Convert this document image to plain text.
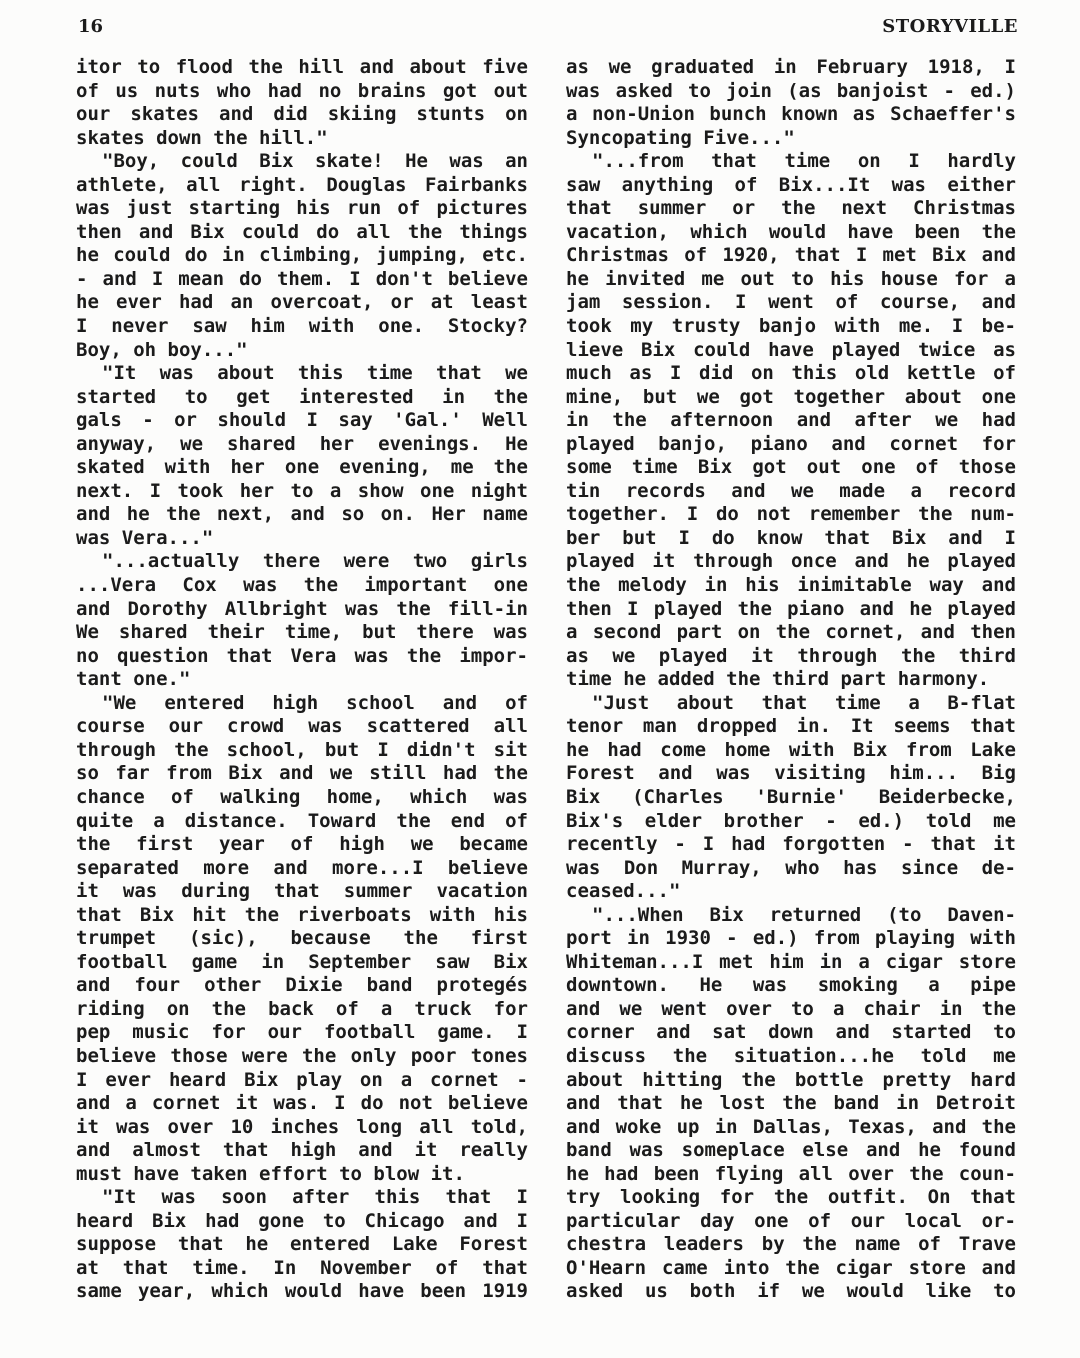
16	STORYVILLE
itor to flood the hill and about five
of us nuts who had no brains got out
our skates and did skiing stunts on
skates down the hill."
"Boy, could Bix skate! He was an
athlete, all right. Douglas Fairbanks
was just starting his run of pictures
then and Bix could do all the things
he could do in climbing, jumping, etc.
- and I mean do them. I don't believe
he ever had an overcoat, or at least
I never saw him with one. Stocky?
Boy, oh boy..."
"It was about this time that we
started to get interested in the
gals - or should I say 'Gal.' Well
anyway, we shared her evenings. He
skated with her one evening, me the
next. I took her to a show one night
and he the next, and so on. Her name
was Vera..."
"...actually there were two girls
...Vera Cox was the important one
and Dorothy Allbright was the fill-in
We shared their time, but there was
no question that Vera was the impor-
tant one."
"We entered high school and of
course our crowd was scattered all
through the school, but I didn't sit
so far from Bix and we still had the
chance of walking home, which was
quite a distance. Toward the end of
the first year of high we became
separated more and more...I believe
it was during that summer vacation
that Bix hit the riverboats with his
trumpet (sic), because the first
football game in September saw Bix
and four other Dixie band protegés
riding on the back of a truck for
pep music for our football game. I
believe those were the only poor tones
I ever heard Bix play on a cornet -
and a cornet it was. I do not believe
it was over 10 inches long all told,
and almost that high and it really
must have taken effort to blow it.
"It was soon after this that I
heard Bix had gone to Chicago and I
suppose that he entered Lake Forest
at that time. In November of that
same year, which would have been 1919
as we graduated in February 1918, I
was asked to join (as banjoist - ed.)
a non-Union bunch known as Schaeffer's
Syncopating Five..."
"...from that time on I hardly
saw anything of Bix...It was either
that summer or the next Christmas
vacation, which would have been the
Christmas of 1920, that I met Bix and
he invited me out to his house for a
jam session. I went of course, and
took my trusty banjo with me. I be-
lieve Bix could have played twice as
much as I did on this old kettle of
mine, but we got together about one
in the afternoon and after we had
played banjo, piano and cornet for
some time Bix got out one of those
tin records and we made a record
together. I do not remember the num-
ber but I do know that Bix and I
played it through once and he played
the melody in his inimitable way and
then I played the piano and he played
a second part on the cornet, and then
as we played it through the third
time he added the third part harmony.
"Just about that time a B-flat
tenor man dropped in. It seems that
he had come home with Bix from Lake
Forest and was visiting him... Big
Bix (Charles 'Burnie' Beiderbecke,
Bix's elder brother - ed.) told me
recently - I had forgotten - that it
was Don Murray, who has since de-
ceased..."
"...When Bix returned (to Daven-
port in 1930 - ed.) from playing with
Whiteman...I met him in a cigar store
downtown. He was smoking a pipe
and we went over to a chair in the
corner and sat down and started to
discuss the situation...he told me
about hitting the bottle pretty hard
and that he lost the band in Detroit
and woke up in Dallas, Texas, and the
band was someplace else and he found
he had been flying all over the coun-
try looking for the outfit. On that
particular day one of our local or-
chestra leaders by the name of Trave
O'Hearn came into the cigar store and
asked us both if we would like to
